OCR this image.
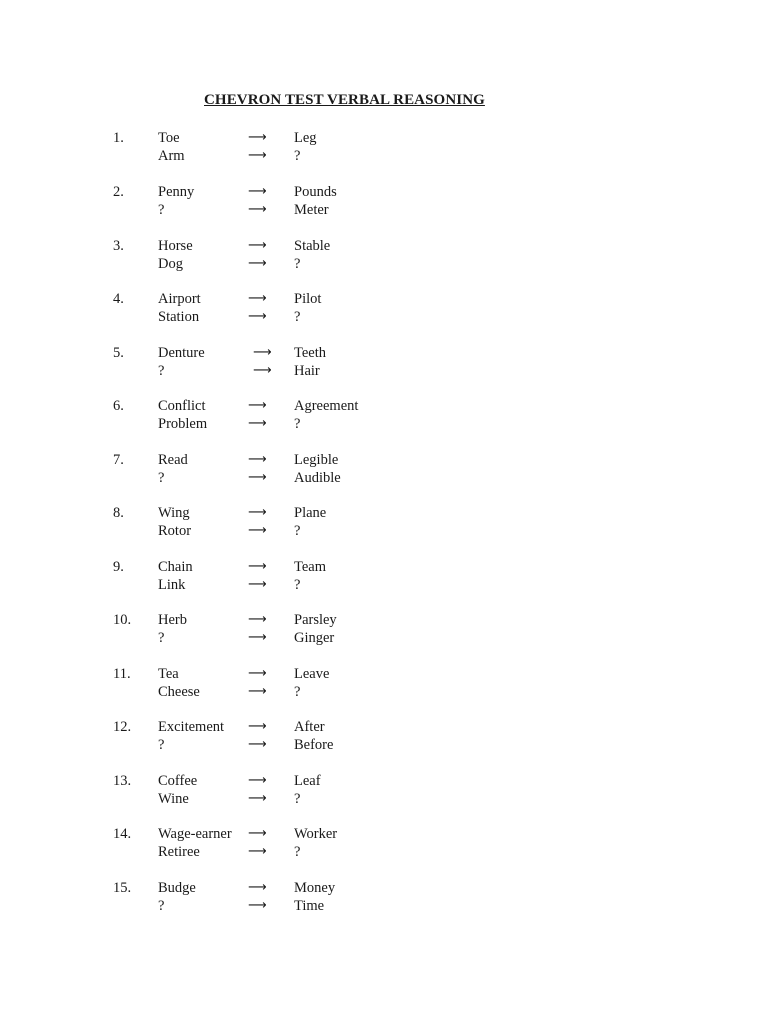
CHEVRON TEST VERBAL REASONING
1. Toe	⟶ Leg
Arm	⟶ ?
2. Penny	⟶ Pounds
?	⟶ Meter
3. Horse	⟶ Stable
Dog	⟶ ?
4. Airport	⟶ Pilot
Station	⟶ ?
5. Denture	⟶ Teeth
?	⟶ Hair
6. Conflict	⟶ Agreement
Problem	⟶ ?
7. Read	⟶ Legible
?	⟶ Audible
8. Wing	⟶ Plane
Rotor	⟶ ?
9. Chain	⟶ Team
Link	⟶ ?
10. Herb	⟶ Parsley
?	⟶ Ginger
11. Tea	⟶ Leave
Cheese	⟶ ?
12. Excitement ⟶ After
?	⟶ Before
13. Coffee	⟶ Leaf
Wine	⟶ ?
14. Wage-earner ⟶ Worker
Retiree	⟶ ?
15. Budge	⟶ Money
?	⟶ Time
